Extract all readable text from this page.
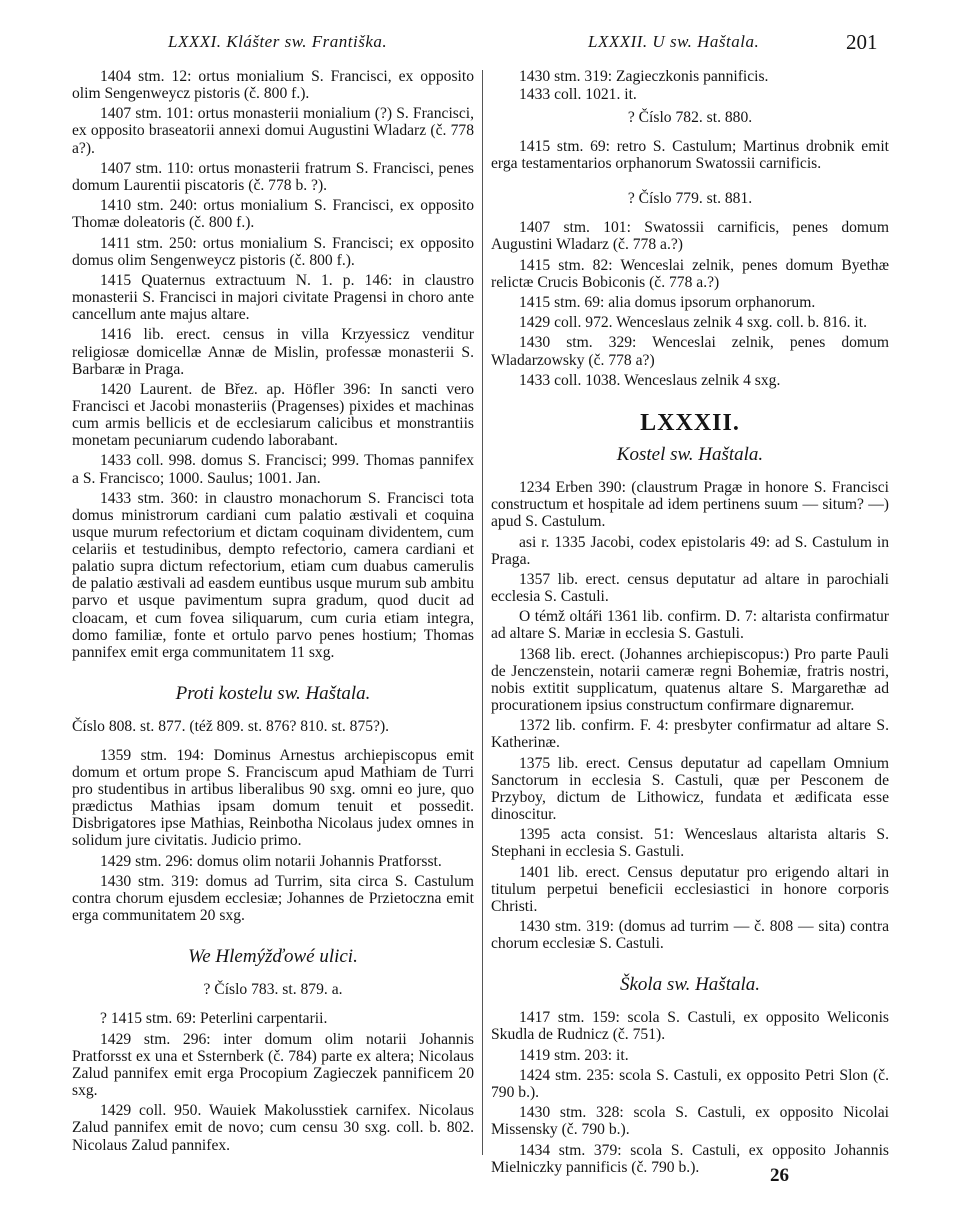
LXXXI. Klášter sw. Františka.	LXXXII. U sw. Haštala.	201

1404 stm. 12: ortus monialium S. Francisci, ex opposito olim Sengenweycz pistoris (č. 800 f.).

1407 stm. 101: ortus monasterii monialium (?) S. Francisci, ex opposito braseatorii annexi domui Augustini Wladarz (č. 778 a?).

1407 stm. 110: ortus monasterii fratrum S. Francisci, penes domum Laurentii piscatoris (č. 778 b. ?).

1410 stm. 240: ortus monialium S. Francisci, ex opposito Thomæ doleatoris (č. 800 f.).

1411 stm. 250: ortus monialium S. Francisci; ex opposito domus olim Sengenweycz pistoris (č. 800 f.).

1415 Quaternus extractuum N. 1. p. 146: in claustro monasterii S. Francisci in majori civitate Pragensi in choro ante cancellum ante majus altare.

1416 lib. erect. census in villa Krzyessicz venditur religiosæ domicellæ Annæ de Mislin, professæ monasterii S. Barbaræ in Praga.

1420 Laurent. de Břez. ap. Höfler 396: In sancti vero Francisci et Jacobi monasteriis (Pragenses) pixides et machinas cum armis bellicis et de ecclesiarum calicibus et monstrantiis monetam pecuniarum cudendo laborabant.

1433 coll. 998. domus S. Francisci; 999. Thomas pannifex a S. Francisco; 1000. Saulus; 1001. Jan.

1433 stm. 360: in claustro monachorum S. Francisci tota domus ministrorum cardiani cum palatio æstivali et coquina usque murum refectorium et dictam coquinam dividentem, cum celariis et testudinibus, dempto refectorio, camera cardiani et palatio supra dictum refectorium, etiam cum duabus camerulis de palatio æstivali ad easdem euntibus usque murum sub ambitu parvo et usque pavimentum supra gradum, quod ducit ad cloacam, et cum fovea siliquarum, cum curia etiam integra, domo familiæ, fonte et ortulo parvo penes hostium; Thomas pannifex emit erga communitatem 11 sxg.

Proti kostelu sw. Haštala.
Číslo 808. st. 877. (též 809. st. 876? 810. st. 875?).

1359 stm. 194: Dominus Arnestus archiepiscopus emit domum et ortum prope S. Franciscum apud Mathiam de Turri pro studentibus in artibus liberalibus 90 sxg. omni eo jure, quo prædictus Mathias ipsam domum tenuit et possedit. Disbrigatores ipse Mathias, Reinbotha Nicolaus judex omnes in solidum jure civitatis. Judicio primo.

1429 stm. 296: domus olim notarii Johannis Pratforsst.

1430 stm. 319: domus ad Turrim, sita circa S. Castulum contra chorum ejusdem ecclesiæ; Johannes de Przietoczna emit erga communitatem 20 sxg.

We Hlemýžďowé ulici.
? Číslo 783. st. 879. a.

? 1415 stm. 69: Peterlini carpentarii.

1429 stm. 296: inter domum olim notarii Johannis Pratforsst ex una et Ssternberk (č. 784) parte ex altera; Nicolaus Zalud pannifex emit erga Procopium Zagieczek pannificem 20 sxg.

1429 coll. 950. Wauiek Makolusstiek carnifex. Nicolaus Zalud pannifex emit de novo; cum censu 30 sxg. coll. b. 802. Nicolaus Zalud pannifex.

1430 stm. 319: Zagieczkonis pannificis.

1433 coll. 1021. it.

? Číslo 782. st. 880.

1415 stm. 69: retro S. Castulum; Martinus drobnik emit erga testamentarios orphanorum Swatossii carnificis.

? Číslo 779. st. 881.

1407 stm. 101: Swatossii carnificis, penes domum Augustini Wladarz (č. 778 a.?)

1415 stm. 82: Wenceslai zelnik, penes domum Byethæ relictæ Crucis Bobiconis (č. 778 a.?)

1415 stm. 69: alia domus ipsorum orphanorum.

1429 coll. 972. Wenceslaus zelnik 4 sxg. coll. b. 816. it.

1430 stm. 329: Wenceslai zelnik, penes domum Wladarzowsky (č. 778 a?)

1433 coll. 1038. Wenceslaus zelnik 4 sxg.

LXXXII.
Kostel sw. Haštala.

1234 Erben 390: (claustrum Pragæ in honore S. Francisci constructum et hospitale ad idem pertinens suum — situm? —) apud S. Castulum.

asi r. 1335 Jacobi, codex epistolaris 49: ad S. Castulum in Praga.

1357 lib. erect. census deputatur ad altare in parochiali ecclesia S. Castuli.

O témž oltáři 1361 lib. confirm. D. 7: altarista confirmatur ad altare S. Mariæ in ecclesia S. Gastuli.

1368 lib. erect. (Johannes archiepiscopus:) Pro parte Pauli de Jenczenstein, notarii cameræ regni Bohemiæ, fratris nostri, nobis extitit supplicatum, quatenus altare S. Margarethæ ad procurationem ipsius constructum confirmare dignaremur.

1372 lib. confirm. F. 4: presbyter confirmatur ad altare S. Katherinæ.

1375 lib. erect. Census deputatur ad capellam Omnium Sanctorum in ecclesia S. Castuli, quæ per Pesconem de Przyboy, dictum de Lithowicz, fundata et ædificata esse dinoscitur.

1395 acta consist. 51: Wenceslaus altarista altaris S. Stephani in ecclesia S. Gastuli.

1401 lib. erect. Census deputatur pro erigendo altari in titulum perpetui beneficii ecclesiastici in honore corporis Christi.

1430 stm. 319: (domus ad turrim — č. 808 — sita) contra chorum ecclesiæ S. Castuli.

Škola sw. Haštala.

1417 stm. 159: scola S. Castuli, ex opposito Weliconis Skudla de Rudnicz (č. 751).

1419 stm. 203: it.

1424 stm. 235: scola S. Castuli, ex opposito Petri Slon (č. 790 b.).

1430 stm. 328: scola S. Castuli, ex opposito Nicolai Missensky (č. 790 b.).

1434 stm. 379: scola S. Castuli, ex opposito Johannis Mielniczky pannificis (č. 790 b.).	26
